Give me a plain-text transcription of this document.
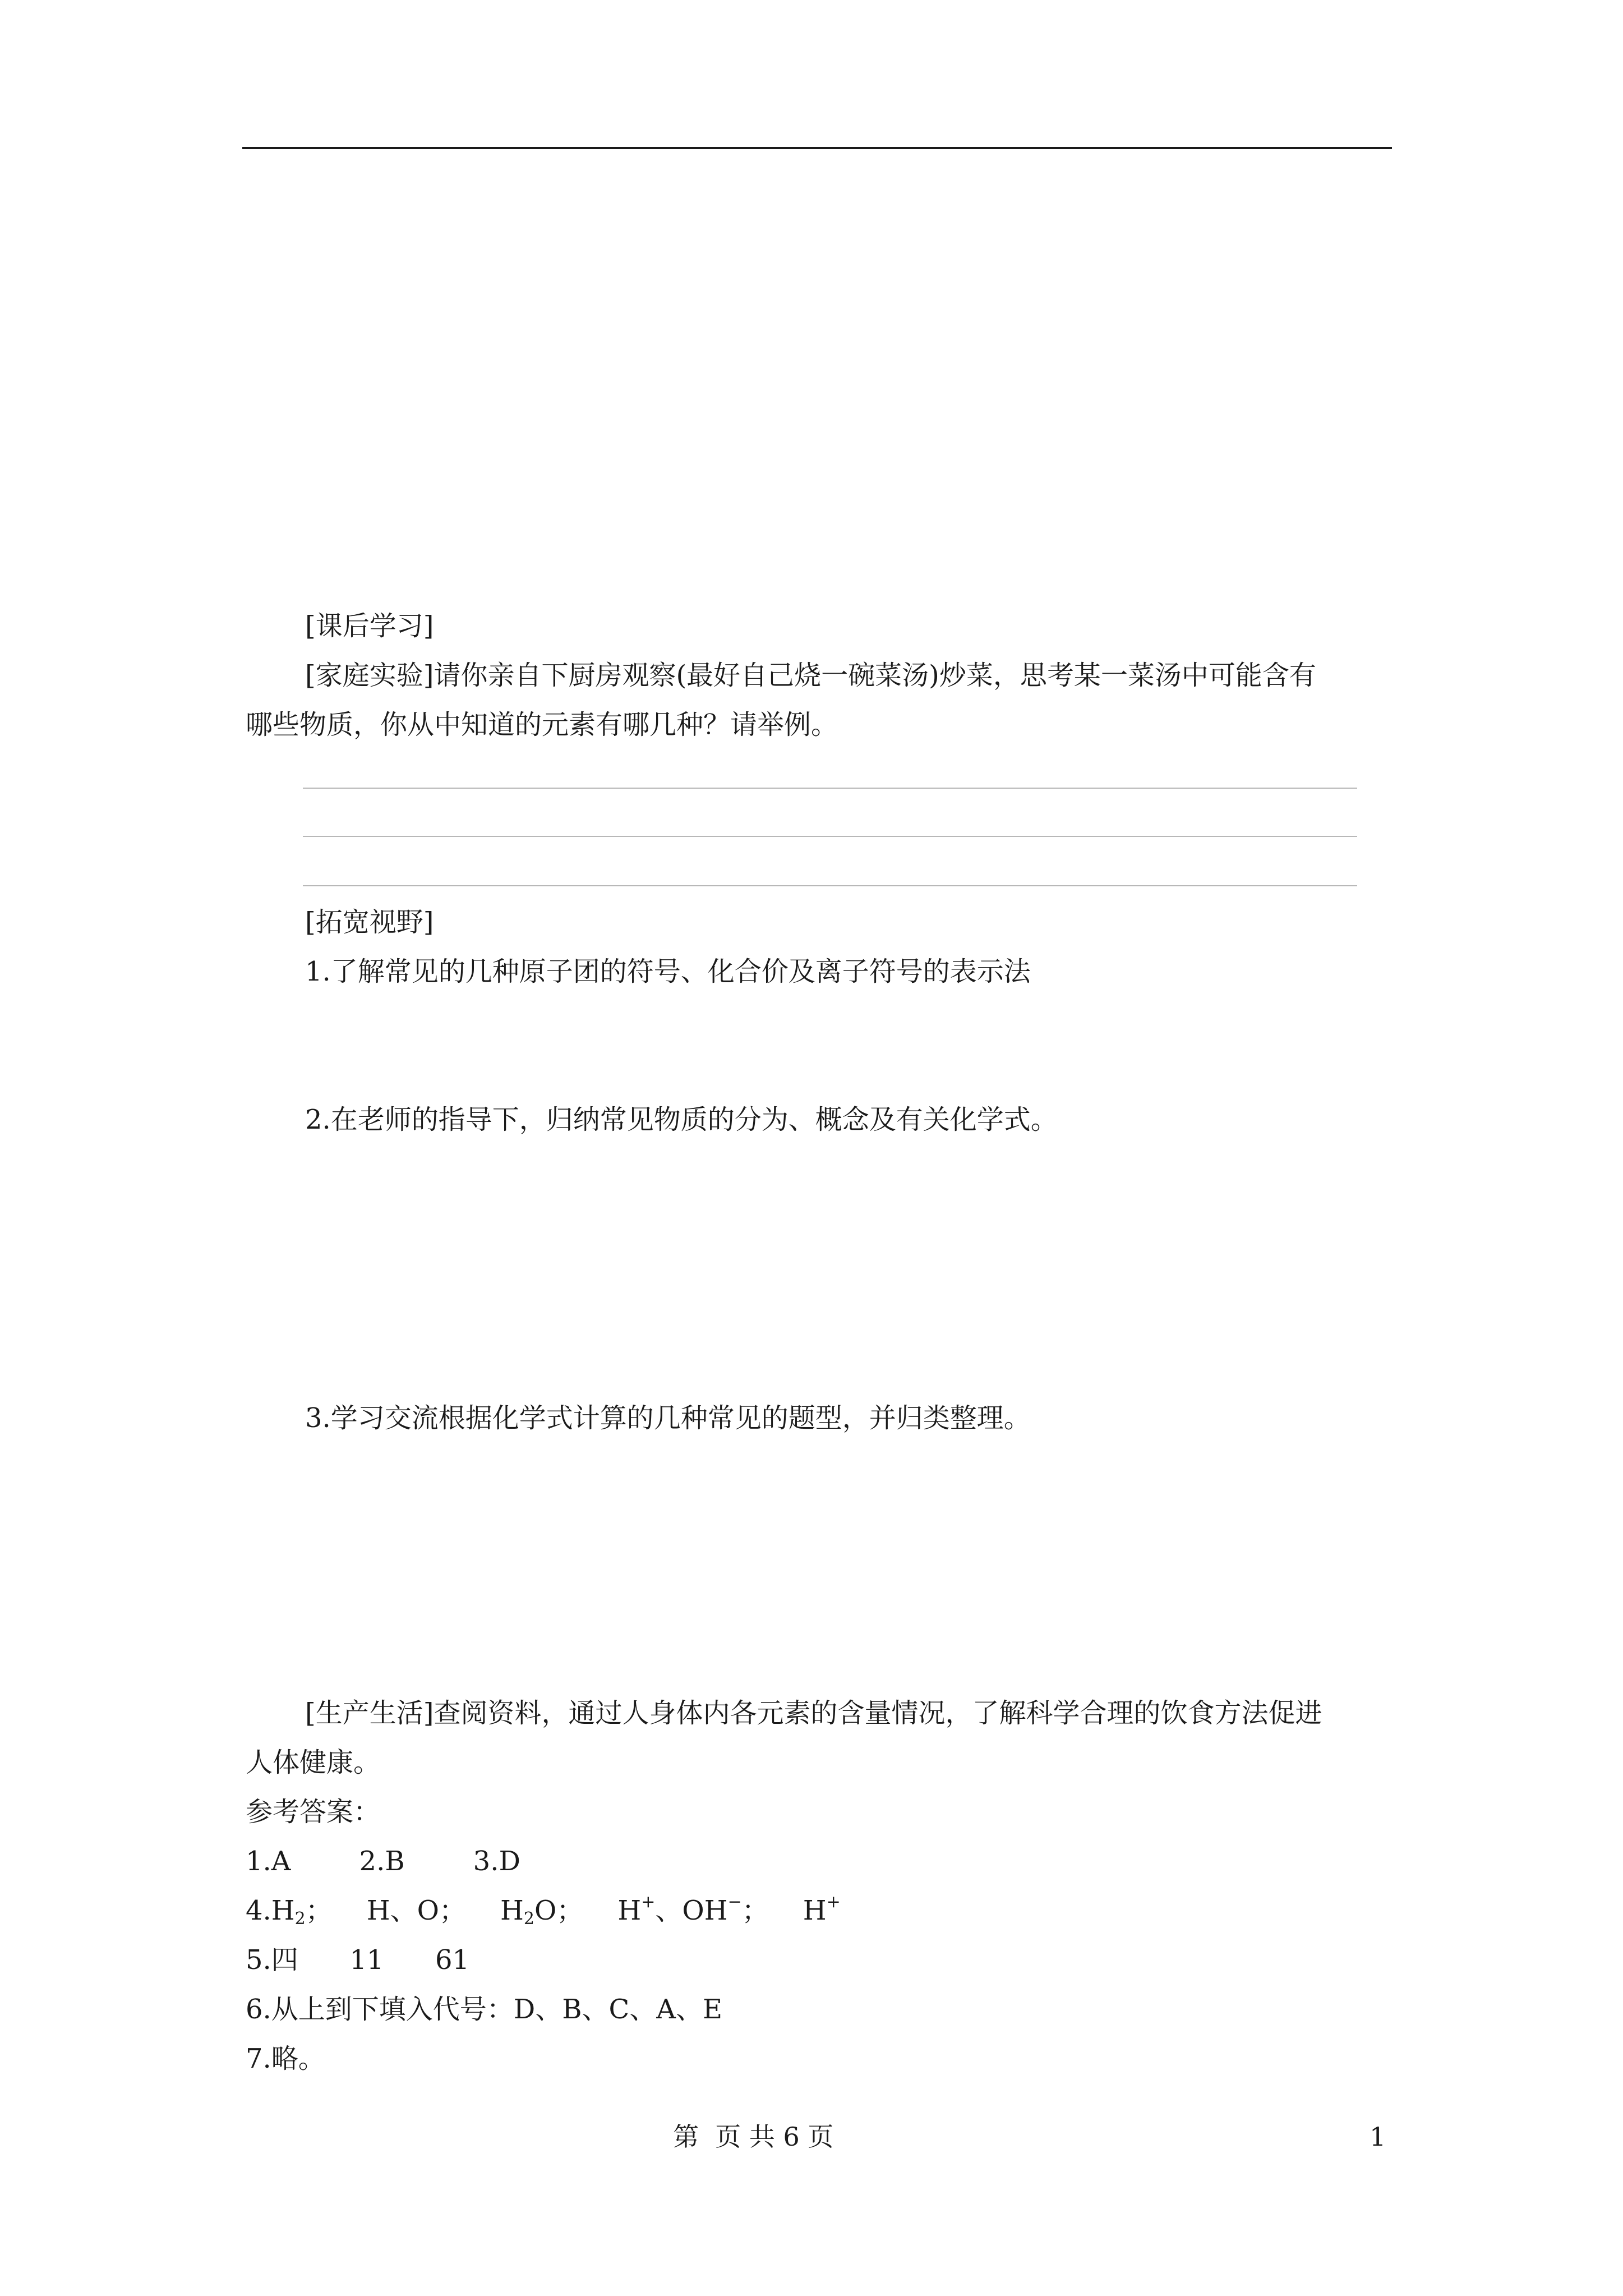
[课后学习]
[家庭实验]请你亲自下厨房观察(最好自己烧一碗菜汤)炒菜，思考某一菜汤中可能含有
哪些物质，你从中知道的元素有哪几种？请举例。
[拓宽视野]
1.了解常见的几种原子团的符号、化合价及离子符号的表示法
2.在老师的指导下，归纳常见物质的分为、概念及有关化学式。
3.学习交流根据化学式计算的几种常见的题型，并归类整理。
[生产生活]查阅资料，通过人身体内各元素的含量情况，了解科学合理的饮食方法促进
人体健康。
参考答案：
1.A        2.B        3.D
$4.H_2$；    H、O；    $H_2O$；    H+、OH−；    H+
5.四      11      61
6.从上到下填入代号：D、B、C、A、E
7.略。
第  页 共 6 页	1
